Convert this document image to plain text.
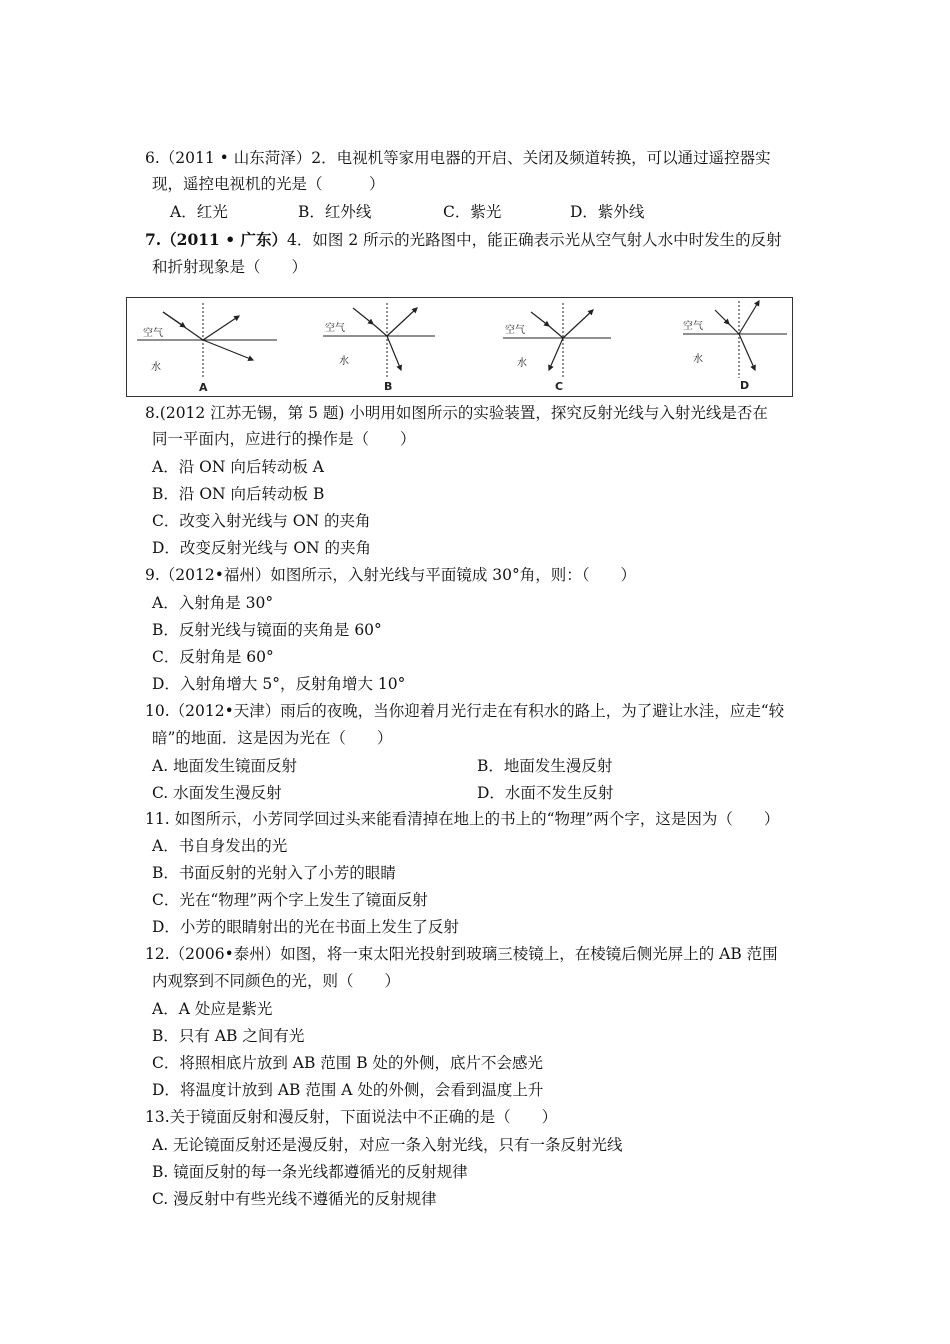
6.（2011 • 山东菏泽）2．电视机等家用电器的开启、关闭及频道转换，可以通过遥控器实
现，遥控电视机的光是（　　　）
A．红光	B．红外线	C．紫光	D．紫外线
7.（2011 • 广东）4．如图 2 所示的光路图中，能正确表示光从空气射人水中时发生的反射
和折射现象是（　　）
空气
水
A
空气
水
B
空气
水
C
空气
水
D
8.(2012 江苏无锡，第 5 题) 小明用如图所示的实验装置，探究反射光线与入射光线是否在
同一平面内，应进行的操作是（　　）
A．沿 ON 向后转动板 A
B．沿 ON 向后转动板 B
C．改变入射光线与 ON 的夹角
D．改变反射光线与 ON 的夹角
9.（2012•福州）如图所示，入射光线与平面镜成 30°角，则：（　　）
A．入射角是 30°
B．反射光线与镜面的夹角是 60°
C．反射角是 60°
D．入射角增大 5°，反射角增大 10°
10.（2012•天津）雨后的夜晚，当你迎着月光行走在有积水的路上，为了避让水洼，应走“较
暗”的地面．这是因为光在（　　）
A. 地面发生镜面反射	B．地面发生漫反射
C. 水面发生漫反射	D．水面不发生反射
11. 如图所示，小芳同学回过头来能看清掉在地上的书上的“物理”两个字，这是因为（　　）
A．书自身发出的光
B．书面反射的光射入了小芳的眼睛
C．光在“物理”两个字上发生了镜面反射
D．小芳的眼睛射出的光在书面上发生了反射
12.（2006•泰州）如图，将一束太阳光投射到玻璃三棱镜上，在棱镜后侧光屏上的 AB 范围
内观察到不同颜色的光，则（　　）
A．A 处应是紫光
B．只有 AB 之间有光
C．将照相底片放到 AB 范围 B 处的外侧，底片不会感光
D．将温度计放到 AB 范围 A 处的外侧，会看到温度上升
13.关于镜面反射和漫反射，下面说法中不正确的是（　　）
A. 无论镜面反射还是漫反射，对应一条入射光线，只有一条反射光线
B. 镜面反射的每一条光线都遵循光的反射规律
C. 漫反射中有些光线不遵循光的反射规律
